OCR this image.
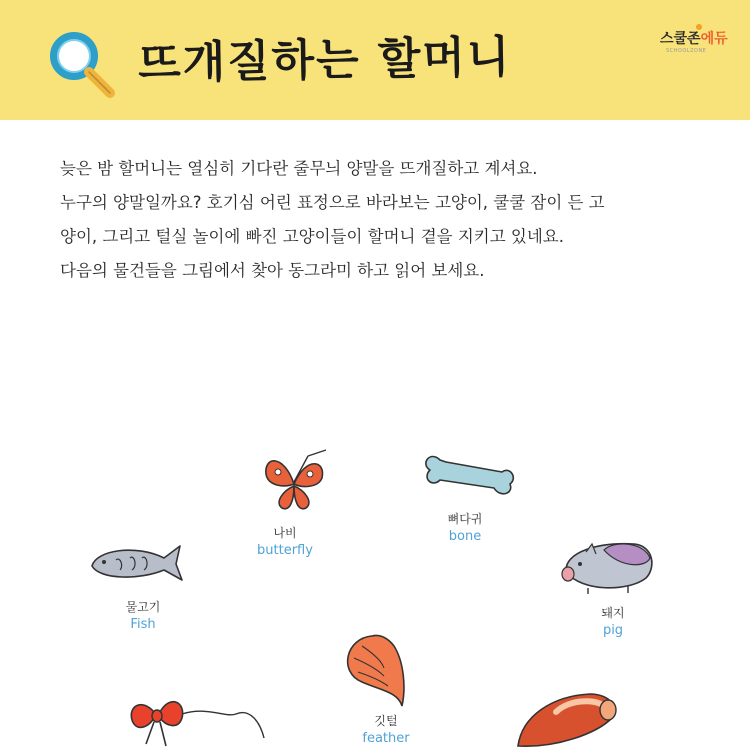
뜨개질하는 할머니	스쿨존에듀
SCHOOLZONE
늦은 밤 할머니는 열심히 기다란 줄무늬 양말을 뜨개질하고 계셔요.
누구의 양말일까요? 호기심 어린 표정으로 바라보는 고양이, 쿨쿨 잠이 든 고
양이, 그리고 털실 놀이에 빠진 고양이들이 할머니 곁을 지키고 있네요.
다음의 물건들을 그림에서 찾아 동그라미 하고 읽어 보세요.
나비
butterfly
뼈다귀
bone
물고기
Fish
돼지
pig
깃털
feather
